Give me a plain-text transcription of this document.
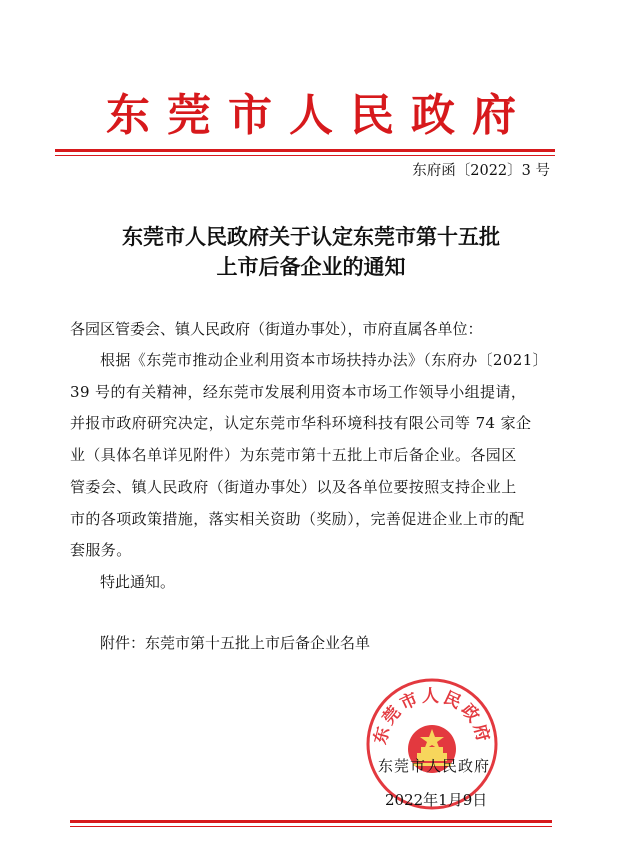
东莞市人民政府
东府函〔2022〕3 号
东莞市人民政府关于认定东莞市第十五批
上市后备企业的通知
各园区管委会、镇人民政府（街道办事处），市府直属各单位：
根据《东莞市推动企业利用资本市场扶持办法》（东府办〔2021〕
39 号的有关精神，经东莞市发展利用资本市场工作领导小组提请，
并报市政府研究决定，认定东莞市华科环境科技有限公司等 74 家企
业（具体名单详见附件）为东莞市第十五批上市后备企业。各园区
管委会、镇人民政府（街道办事处）以及各单位要按照支持企业上
市的各项政策措施，落实相关资助（奖励），完善促进企业上市的配
套服务。
特此通知。
附件：东莞市第十五批上市后备企业名单
东莞市人民政府
东莞市人民政府
2022年1月9日
